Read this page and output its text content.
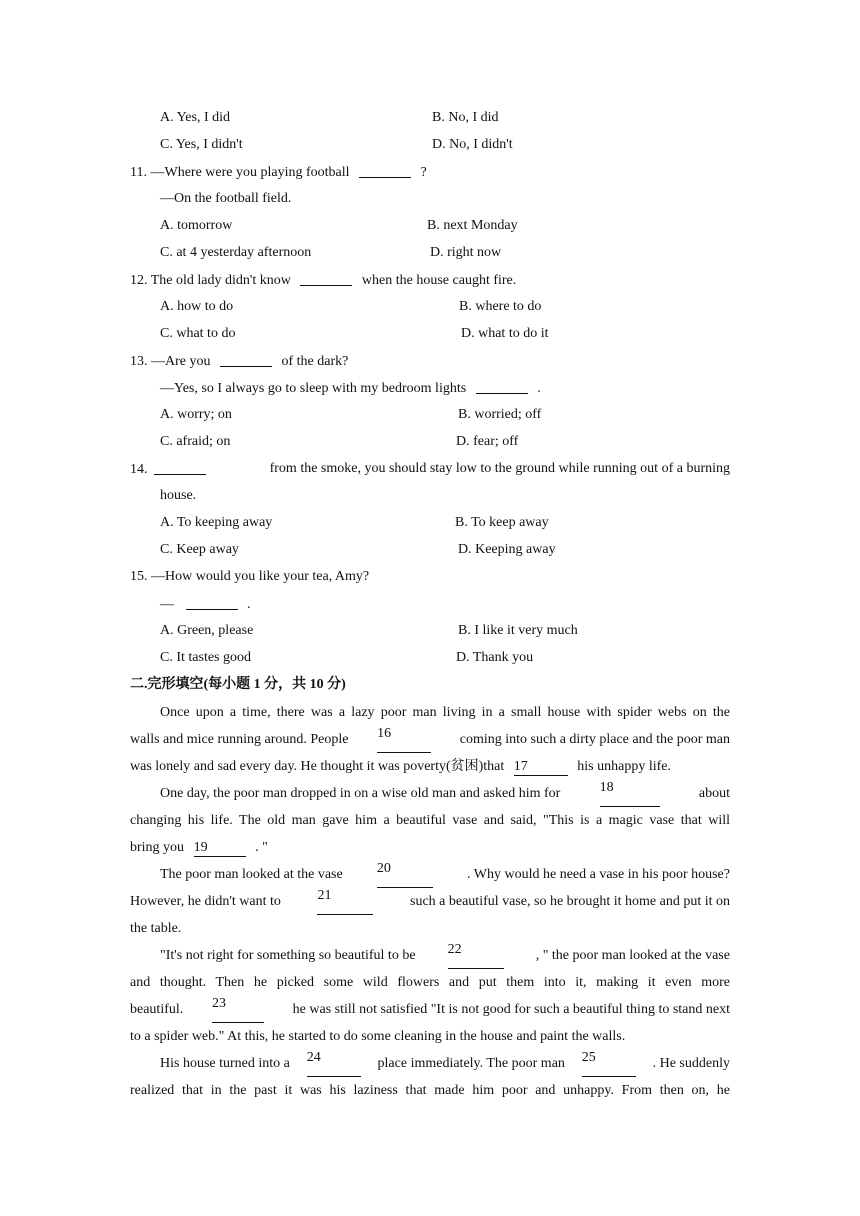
A. Yes, I did	B. No, I did
C. Yes, I didn't	D. No, I didn't
11. —Where were you playing football	?
—On the football field.
A. tomorrow	B. next Monday
C. at 4 yesterday afternoon	D. right now
12. The old lady didn't know	when the house caught fire.
A. how to do	B. where to do
C. what to do	D. what to do it
13. —Are you	of the dark?
—Yes, so I always go to sleep with my bedroom lights	.
A. worry; on	B. worried; off
C. afraid; on	D. fear; off
14.	from the smoke, you should stay low to the ground while running out of a burning
house.
A. To keeping away	B. To keep away
C. Keep away	D. Keeping away
15. —How would you like your tea, Amy?
—	.
A. Green, please	B. I like it very much
C. It tastes good	D. Thank you
二.完形填空(每小题 1 分，共 10 分)
Once upon a time, there was a lazy poor man living in a small house with spider webs on the
walls and mice running around. People 16	coming into such a dirty place and the poor man
was lonely and sad every day. He thought it was poverty(贫困)that 17	his unhappy life.
One day, the poor man dropped in on a wise old man and asked him for	18	about
changing his life. The old man gave him a beautiful vase and said, "This is a magic vase that will
bring you 19	. "
The poor man looked at the vase 20	. Why would he need a vase in his poor house?
However, he didn't want to	21	such a beautiful vase, so he brought it home and put it on
the table.
"It's not right for something so beautiful to be 22	, " the poor man looked at the vase
and thought. Then he picked some wild flowers and put them into it, making it even more
beautiful. 23	he was still not satisfied "It is not good for such a beautiful thing to stand next
to a spider web." At this, he started to do some cleaning in the house and paint the walls.
His house turned into a 24	place immediately. The poor man 25	. He suddenly
realized that in the past it was his laziness that made him poor and unhappy. From then on, he
